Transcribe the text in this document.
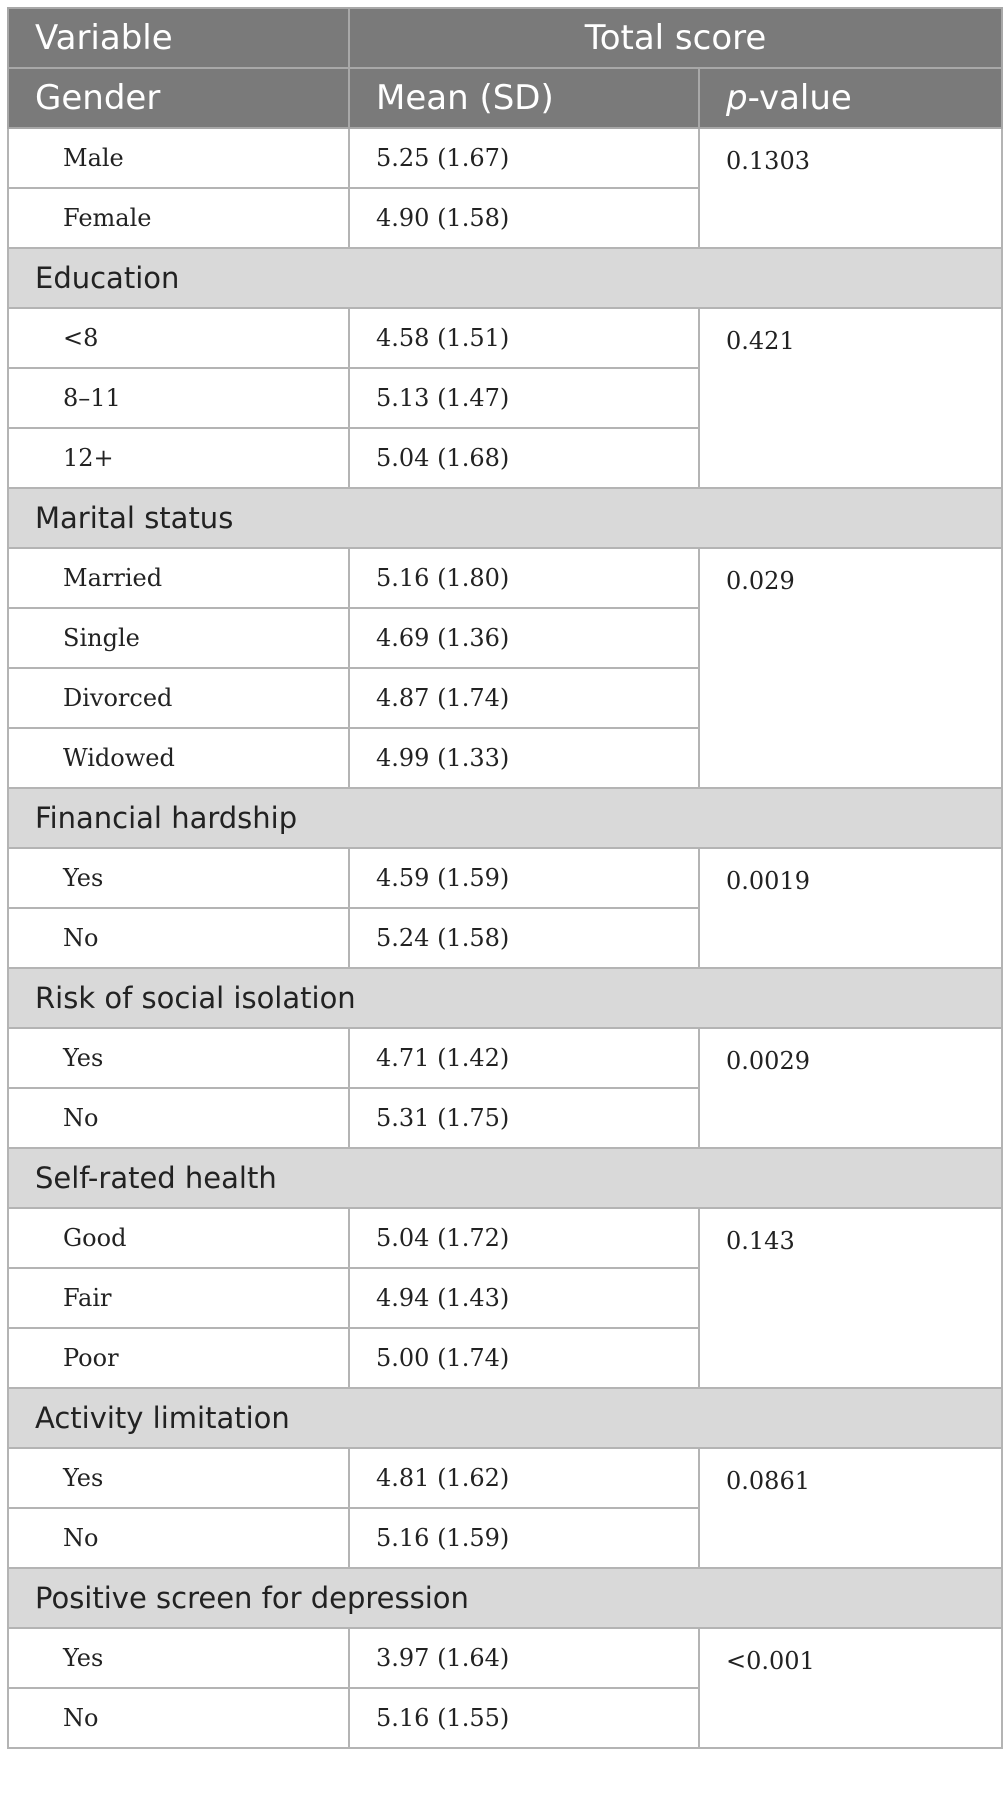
Variable	Total score	
Gender	Mean (SD)	p-value
Male	5.25 (1.67)	0.1303
Female	4.90 (1.58)	
Education		
<8	4.58 (1.51)	0.421
8–11	5.13 (1.47)	
12+	5.04 (1.68)	
Marital status		
Married	5.16 (1.80)	0.029
Single	4.69 (1.36)	
Divorced	4.87 (1.74)	
Widowed	4.99 (1.33)	
Financial hardship		
Yes	4.59 (1.59)	0.0019
No	5.24 (1.58)	
Risk of social isolation		
Yes	4.71 (1.42)	0.0029
No	5.31 (1.75)	
Self-rated health		
Good	5.04 (1.72)	0.143
Fair	4.94 (1.43)	
Poor	5.00 (1.74)	
Activity limitation		
Yes	4.81 (1.62)	0.0861
No	5.16 (1.59)	
Positive screen for depression		
Yes	3.97 (1.64)	<0.001
No	5.16 (1.55)	
